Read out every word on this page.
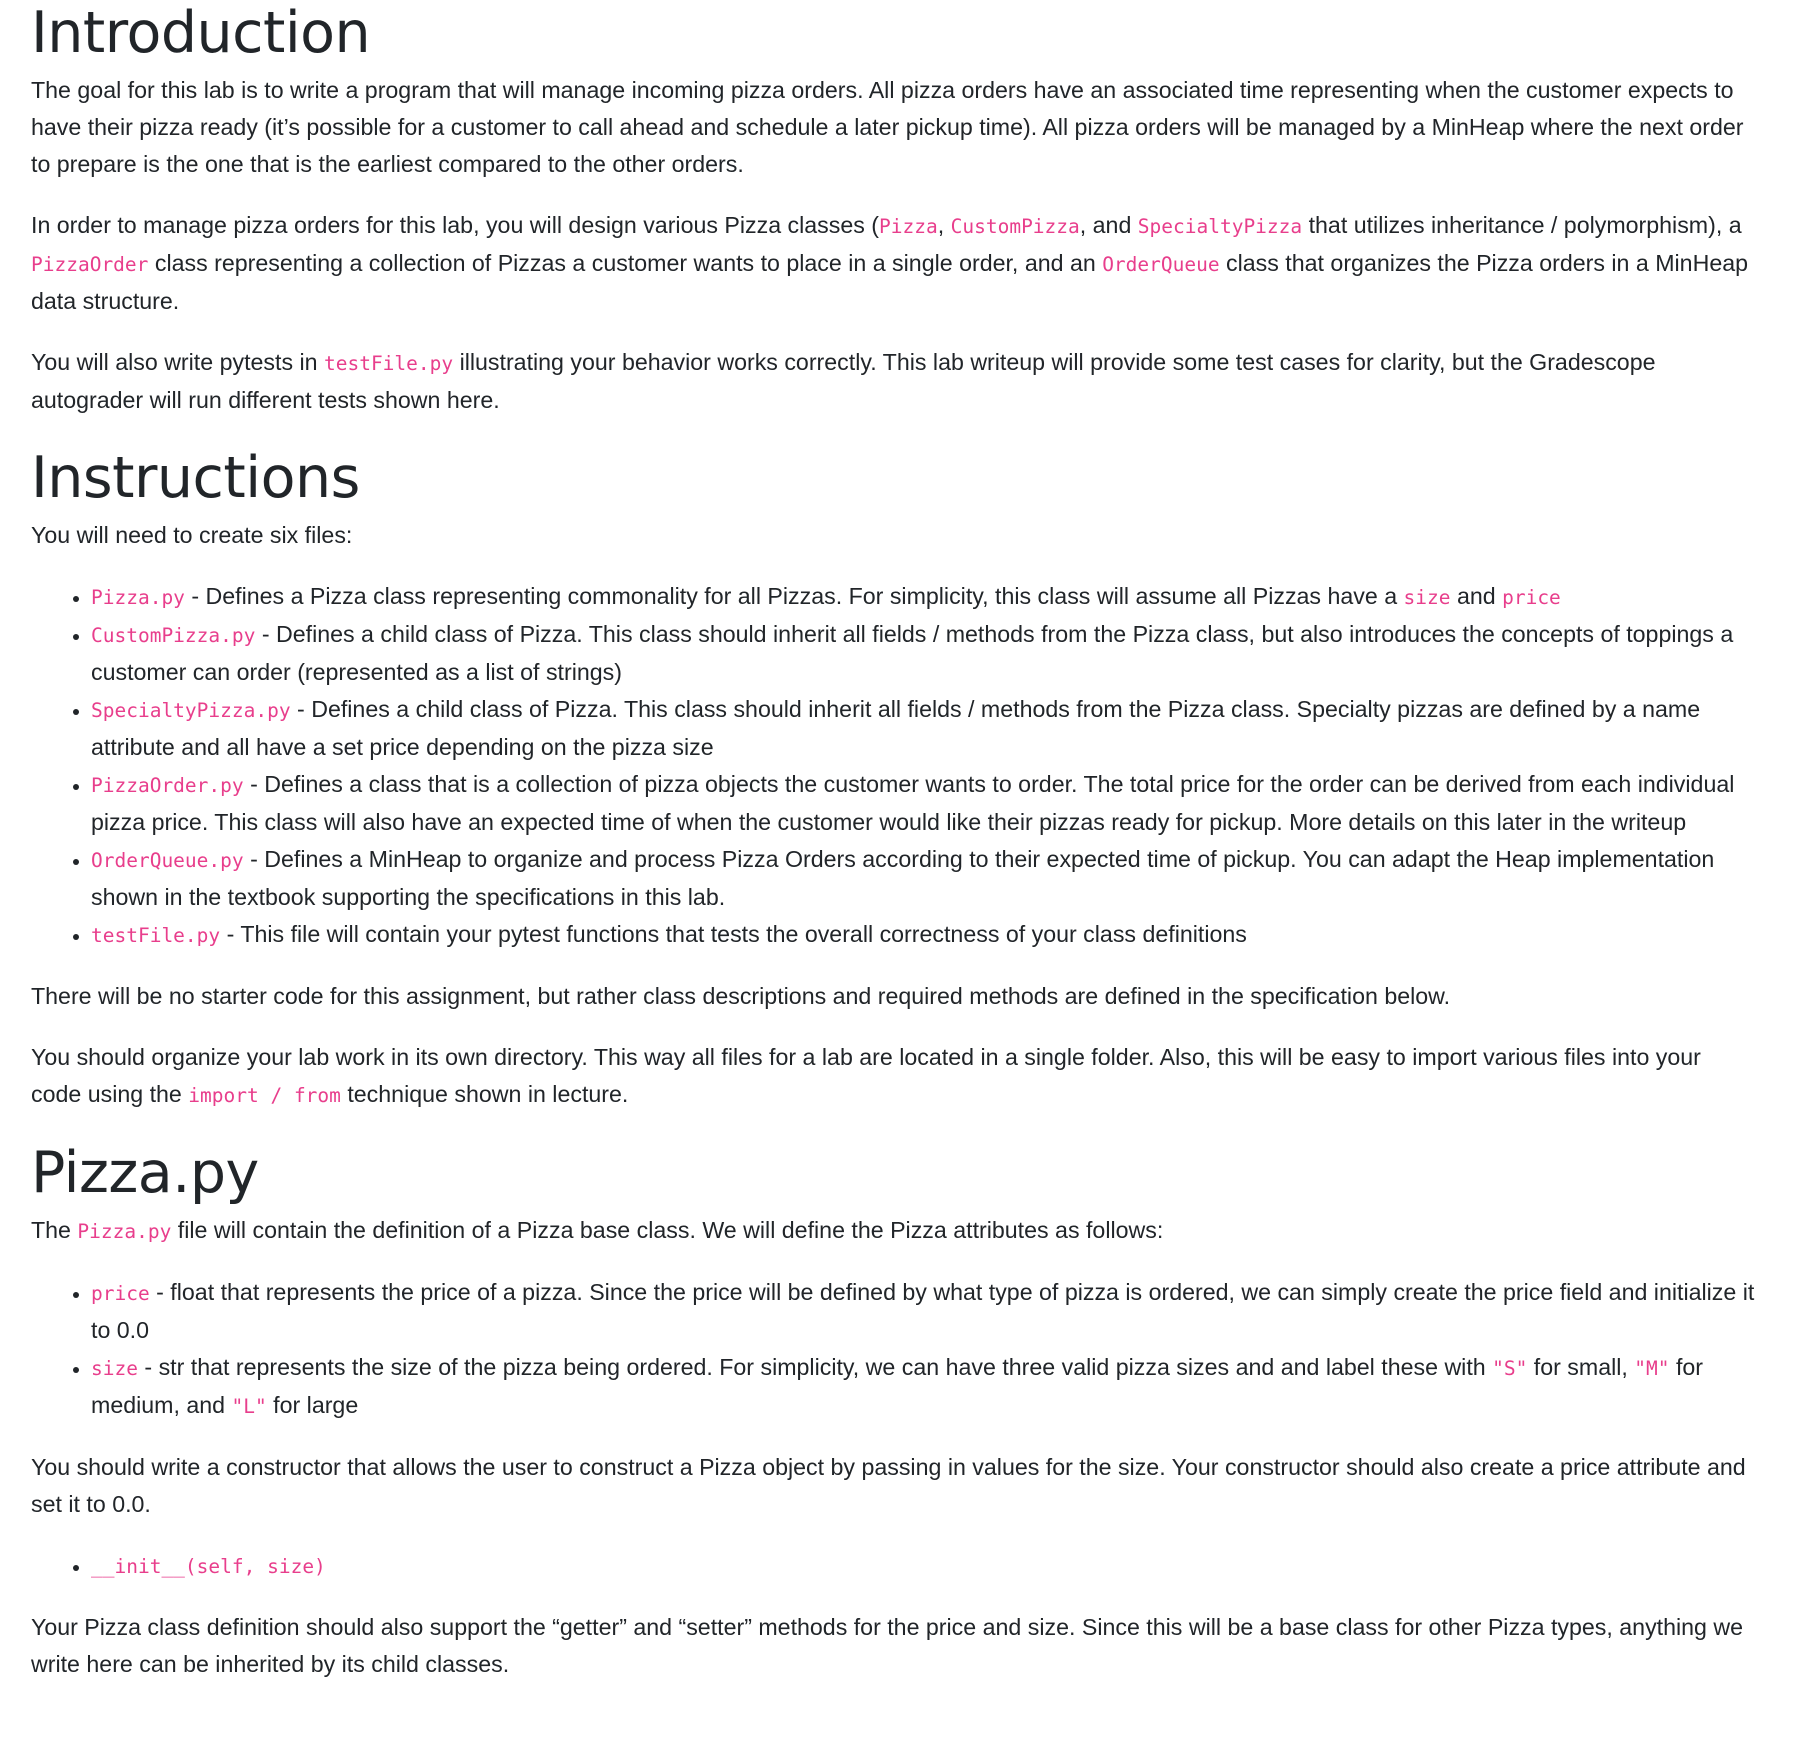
Introduction

The goal for this lab is to write a program that will manage incoming pizza orders. All pizza orders have an associated time representing when the customer expects to have their pizza ready (it’s possible for a customer to call ahead and schedule a later pickup time). All pizza orders will be managed by a MinHeap where the next order to prepare is the one that is the earliest compared to the other orders.

In order to manage pizza orders for this lab, you will design various Pizza classes (Pizza, CustomPizza, and SpecialtyPizza that utilizes inheritance / polymorphism), a PizzaOrder class representing a collection of Pizzas a customer wants to place in a single order, and an OrderQueue class that organizes the Pizza orders in a MinHeap data structure.

You will also write pytests in testFile.py illustrating your behavior works correctly. This lab writeup will provide some test cases for clarity, but the Gradescope autograder will run different tests shown here.

Instructions

You will need to create six files:

• Pizza.py - Defines a Pizza class representing commonality for all Pizzas. For simplicity, this class will assume all Pizzas have a size and price
• CustomPizza.py - Defines a child class of Pizza. This class should inherit all fields / methods from the Pizza class, but also introduces the concepts of toppings a customer can order (represented as a list of strings)
• SpecialtyPizza.py - Defines a child class of Pizza. This class should inherit all fields / methods from the Pizza class. Specialty pizzas are defined by a name attribute and all have a set price depending on the pizza size
• PizzaOrder.py - Defines a class that is a collection of pizza objects the customer wants to order. The total price for the order can be derived from each individual pizza price. This class will also have an expected time of when the customer would like their pizzas ready for pickup. More details on this later in the writeup
• OrderQueue.py - Defines a MinHeap to organize and process Pizza Orders according to their expected time of pickup. You can adapt the Heap implementation shown in the textbook supporting the specifications in this lab.
• testFile.py - This file will contain your pytest functions that tests the overall correctness of your class definitions

There will be no starter code for this assignment, but rather class descriptions and required methods are defined in the specification below.

You should organize your lab work in its own directory. This way all files for a lab are located in a single folder. Also, this will be easy to import various files into your code using the import / from technique shown in lecture.

Pizza.py

The Pizza.py file will contain the definition of a Pizza base class. We will define the Pizza attributes as follows:

• price - float that represents the price of a pizza. Since the price will be defined by what type of pizza is ordered, we can simply create the price field and initialize it to 0.0
• size - str that represents the size of the pizza being ordered. For simplicity, we can have three valid pizza sizes and and label these with "S" for small, "M" for medium, and "L" for large

You should write a constructor that allows the user to construct a Pizza object by passing in values for the size. Your constructor should also create a price attribute and set it to 0.0.

• __init__(self, size)

Your Pizza class definition should also support the “getter” and “setter” methods for the price and size. Since this will be a base class for other Pizza types, anything we write here can be inherited by its child classes.
